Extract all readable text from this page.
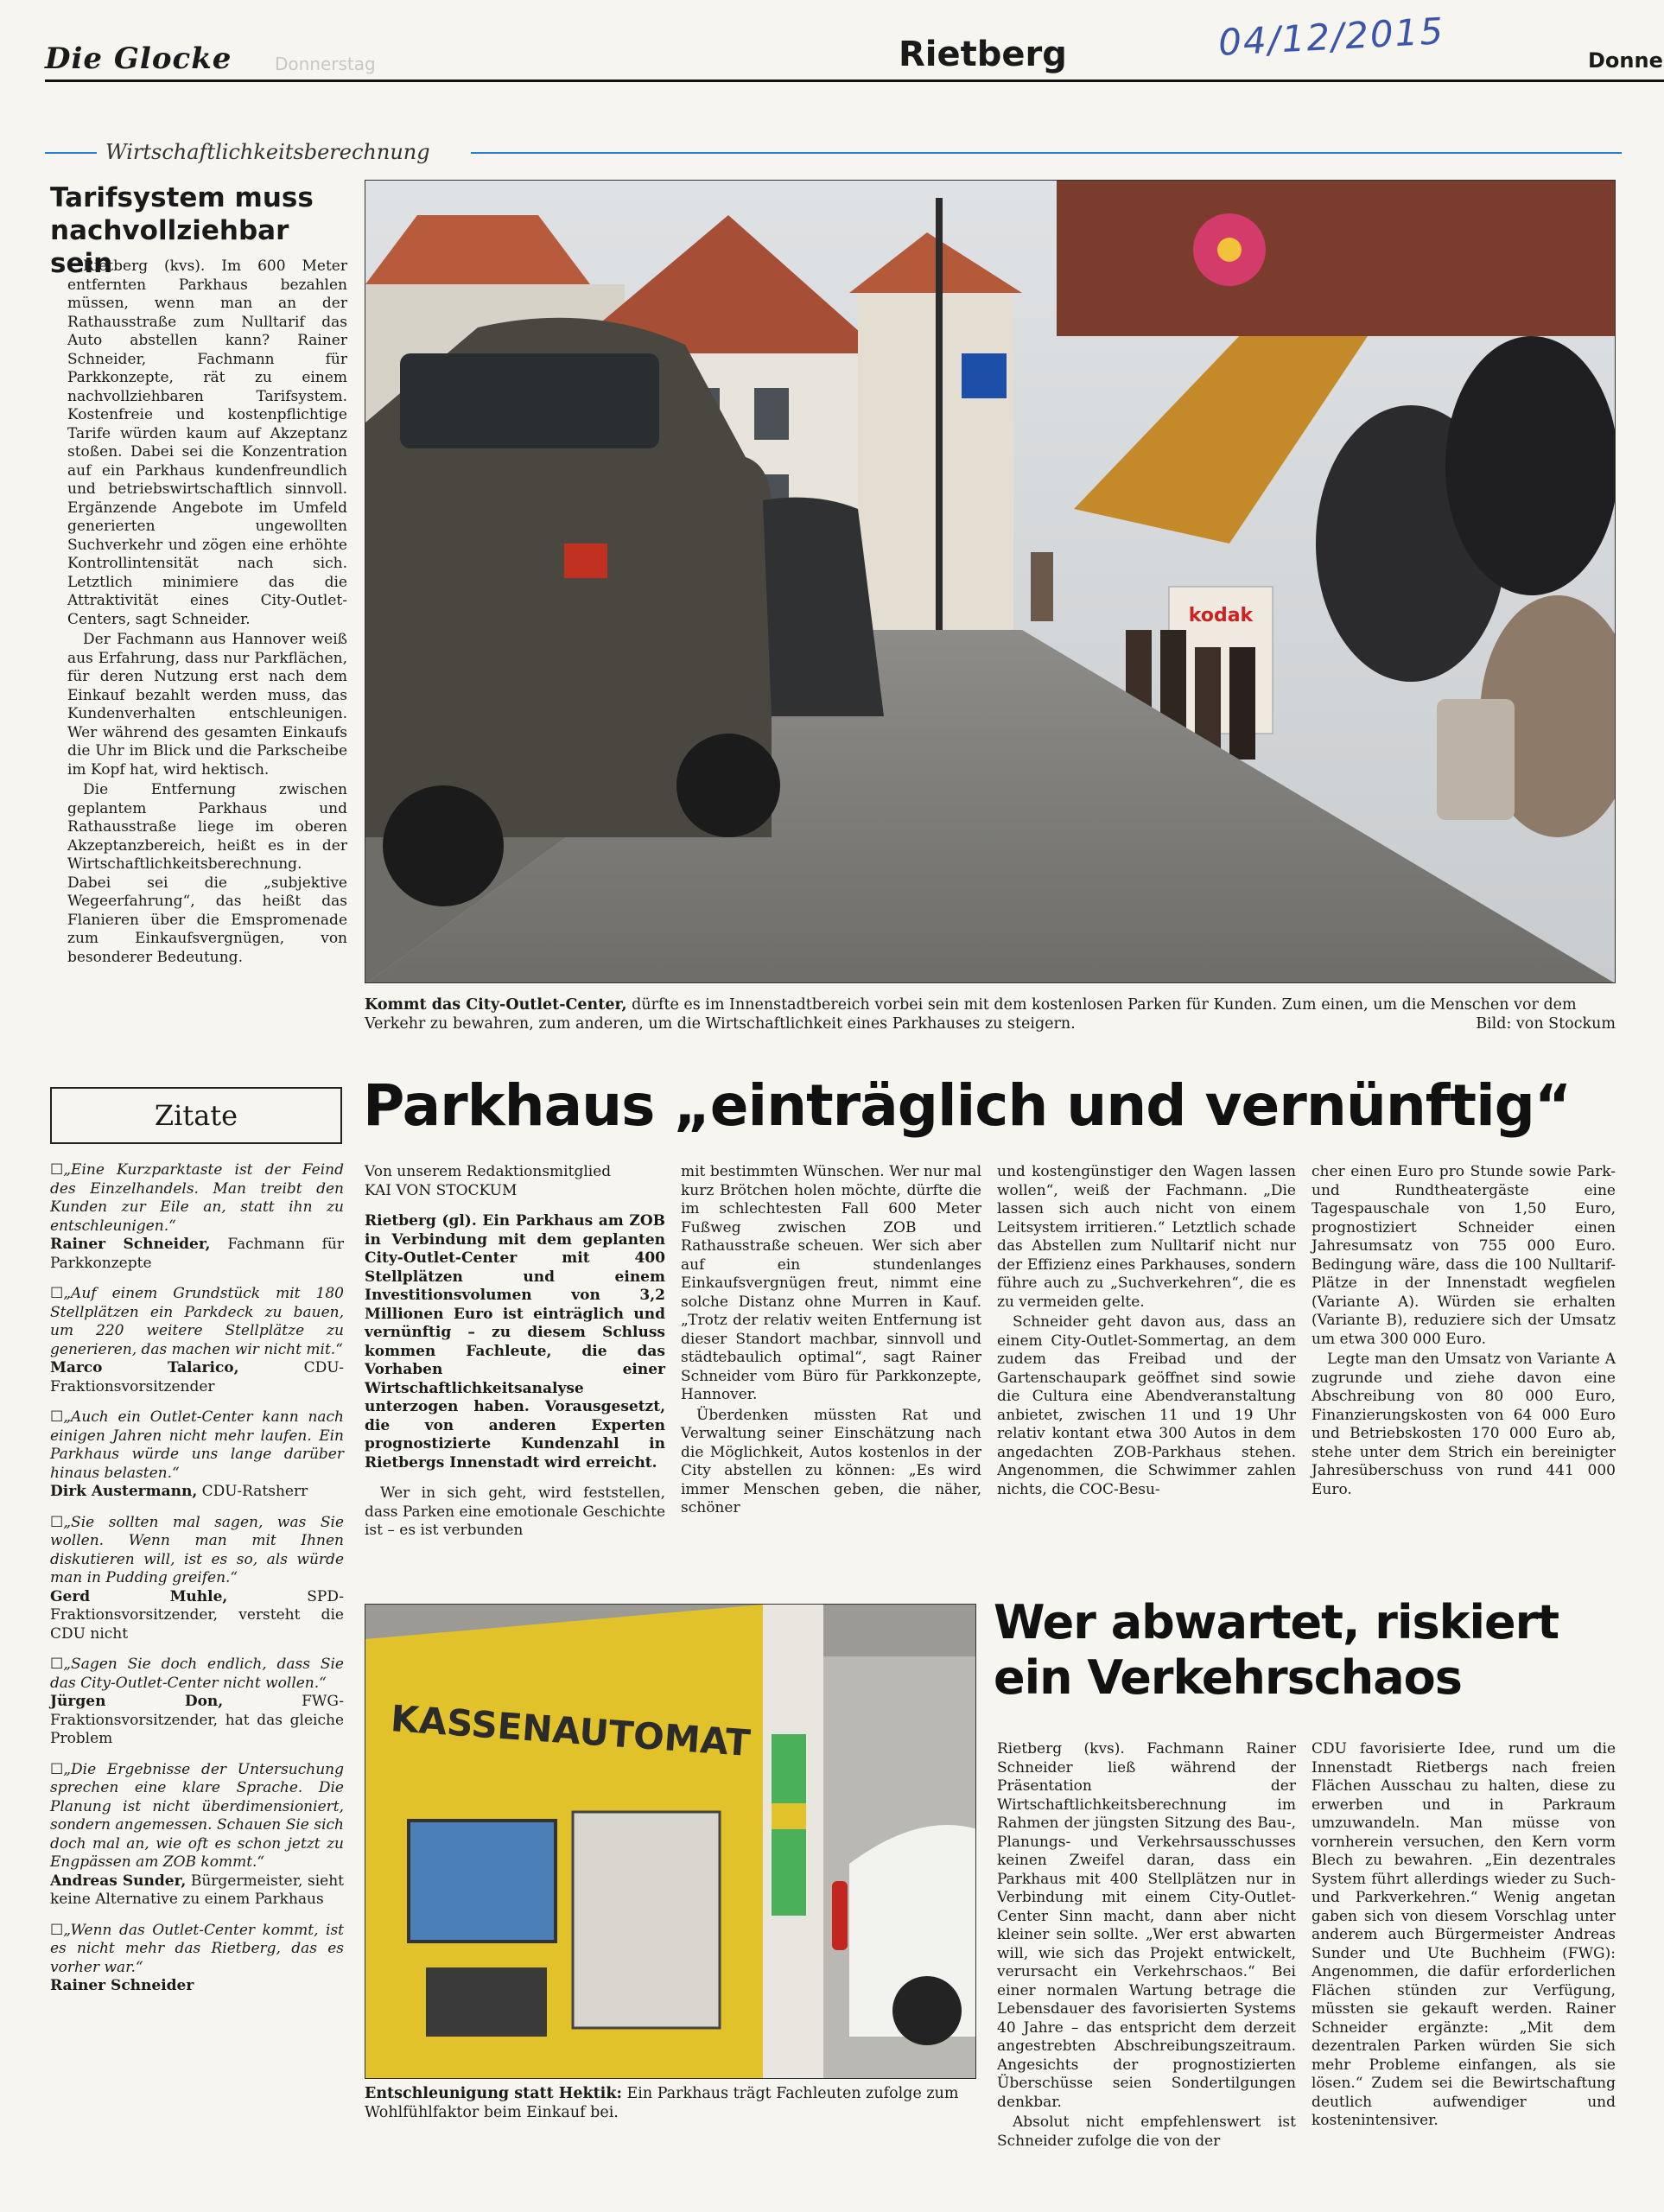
Die Glocke Donnerstag	Rietberg	04/12/2015	Donne
Wirtschaftlichkeitsberechnung
Tarifsystem muss nachvollziehbar sein

Rietberg (kvs). Im 600 Meter entfernten Parkhaus bezahlen müssen, wenn man an der Rathausstraße zum Nulltarif das Auto abstellen kann? Rainer Schneider, Fachmann für Parkkonzepte, rät zu einem nachvollziehbaren Tarifsystem. Kostenfreie und kostenpflichtige Tarife würden kaum auf Akzeptanz stoßen. Dabei sei die Konzentration auf ein Parkhaus kundenfreundlich und betriebswirtschaftlich sinnvoll. Ergänzende Angebote im Umfeld generierten ungewollten Suchverkehr und zögen eine erhöhte Kontrollintensität nach sich. Letztlich minimiere das die Attraktivität eines City-Outlet-Centers, sagt Schneider.

Der Fachmann aus Hannover weiß aus Erfahrung, dass nur Parkflächen, für deren Nutzung erst nach dem Einkauf bezahlt werden muss, das Kundenverhalten entschleunigen. Wer während des gesamten Einkaufs die Uhr im Blick und die Parkscheibe im Kopf hat, wird hektisch.

Die Entfernung zwischen geplantem Parkhaus und Rathausstraße liege im oberen Akzeptanzbereich, heißt es in der Wirtschaftlichkeitsberechnung. Dabei sei die „subjektive Wegeerfahrung“, das heißt das Flanieren über die Emspromenade zum Einkaufsvergnügen, von besonderer Bedeutung.

kodak
Kommt das City-Outlet-Center, dürfte es im Innenstadtbereich vorbei sein mit dem kostenlosen Parken für Kunden. Zum einen, um die Menschen vor dem Verkehr zu bewahren, zum anderen, um die Wirtschaftlichkeit eines Parkhauses zu steigern.	Bild: von Stockum
Zitate
☐„Eine Kurzparktaste ist der Feind des Einzelhandels. Man treibt den Kunden zur Eile an, statt ihn zu entschleunigen.“
Rainer Schneider, Fachmann für Parkkonzepte
☐„Auf einem Grundstück mit 180 Stellplätzen ein Parkdeck zu bauen, um 220 weitere Stellplätze zu generieren, das machen wir nicht mit.“
Marco Talarico,	CDU-Fraktionsvorsitzender
☐„Auch ein Outlet-Center kann nach einigen Jahren nicht mehr laufen. Ein Parkhaus würde uns lange darüber hinaus belasten.“
Dirk Austermann, CDU-Ratsherr
☐„Sie sollten mal sagen, was Sie wollen. Wenn man mit Ihnen diskutieren will, ist es so, als würde man in Pudding greifen.“
Gerd Muhle,	SPD-Fraktionsvorsitzender, versteht die CDU nicht
☐„Sagen Sie doch endlich, dass Sie das City-Outlet-Center nicht wollen.“
Jürgen Don,	FWG-Fraktionsvorsitzender, hat das gleiche Problem
☐„Die Ergebnisse der Untersuchung sprechen eine klare Sprache. Die Planung ist nicht überdimensioniert, sondern angemessen. Schauen Sie sich doch mal an, wie oft es schon jetzt zu Engpässen am ZOB kommt.“
Andreas Sunder, Bürgermeister, sieht keine Alternative zu einem Parkhaus
☐„Wenn das Outlet-Center kommt, ist es nicht mehr das Rietberg, das es vorher war.“
Rainer Schneider
Parkhaus „einträglich und vernünftig“

Von unserem Redaktionsmitglied
KAI VON STOCKUM

Rietberg (gl). Ein Parkhaus am ZOB in Verbindung mit dem geplanten City-Outlet-Center mit 400 Stellplätzen und einem Investitionsvolumen von 3,2 Millionen Euro ist einträglich und vernünftig – zu diesem Schluss kommen Fachleute, die das Vorhaben einer Wirtschaftlichkeitsanalyse unterzogen haben. Vorausgesetzt, die von anderen Experten prognostizierte Kundenzahl in Rietbergs Innenstadt wird erreicht.

Wer in sich geht, wird feststellen, dass Parken eine emotionale Geschichte ist – es ist verbunden

mit bestimmten Wünschen. Wer nur mal kurz Brötchen holen möchte, dürfte die im schlechtesten Fall 600 Meter Fußweg zwischen ZOB und Rathausstraße scheuen. Wer sich aber auf ein stundenlanges Einkaufsvergnügen freut, nimmt eine solche Distanz ohne Murren in Kauf. „Trotz der relativ weiten Entfernung ist dieser Standort machbar, sinnvoll und städtebaulich optimal“, sagt Rainer Schneider vom Büro für Parkkonzepte, Hannover.

Überdenken müssten Rat und Verwaltung seiner Einschätzung nach die Möglichkeit, Autos kostenlos in der City abstellen zu können: „Es wird immer Menschen geben, die näher, schöner

und kostengünstiger den Wagen lassen wollen“, weiß der Fachmann. „Die lassen sich auch nicht von einem Leitsystem irritieren.“ Letztlich schade das Abstellen zum Nulltarif nicht nur der Effizienz eines Parkhauses, sondern führe auch zu „Suchverkehren“, die es zu vermeiden gelte.

Schneider geht davon aus, dass an einem City-Outlet-Sommertag, an dem zudem das Freibad und der Gartenschaupark geöffnet sind sowie die Cultura eine Abendveranstaltung anbietet, zwischen 11 und 19 Uhr relativ kontant etwa 300 Autos in dem angedachten ZOB-Parkhaus stehen. Angenommen, die Schwimmer zahlen nichts, die COC-Besu-

cher einen Euro pro Stunde sowie Park- und Rundtheatergäste eine Tagespauschale von 1,50 Euro, prognostiziert Schneider einen Jahresumsatz von 755 000 Euro. Bedingung wäre, dass die 100 Nulltarif-Plätze in der Innenstadt wegfielen (Variante A). Würden sie erhalten (Variante B), reduziere sich der Umsatz um etwa 300 000 Euro.

Legte man den Umsatz von Variante A zugrunde und ziehe davon eine Abschreibung von 80 000 Euro, Finanzierungskosten von 64 000 Euro und Betriebskosten 170 000 Euro ab, stehe unter dem Strich ein bereinigter Jahresüberschuss von rund 441 000 Euro.

KASSENAUTOMAT
Entschleunigung statt Hektik: Ein Parkhaus trägt Fachleuten zufolge zum Wohlfühlfaktor beim Einkauf bei.
Wer abwartet, riskiert
ein Verkehrschaos

Rietberg (kvs). Fachmann Rainer Schneider ließ während der Präsentation der Wirtschaftlichkeitsberechnung im Rahmen der jüngsten Sitzung des Bau-, Planungs- und Verkehrsausschusses keinen Zweifel daran, dass ein Parkhaus mit 400 Stellplätzen nur in Verbindung mit einem City-Outlet-Center Sinn macht, dann aber nicht kleiner sein sollte. „Wer erst abwarten will, wie sich das Projekt entwickelt, verursacht ein Verkehrschaos.“ Bei einer normalen Wartung betrage die Lebensdauer des favorisierten Systems 40 Jahre – das entspricht dem derzeit angestrebten Abschreibungszeitraum. Angesichts der prognostizierten Überschüsse seien Sondertilgungen denkbar.

Absolut nicht empfehlenswert ist Schneider zufolge die von der

CDU favorisierte Idee, rund um die Innenstadt Rietbergs nach freien Flächen Ausschau zu halten, diese zu erwerben und in Parkraum umzuwandeln. Man müsse von vornherein versuchen, den Kern vorm Blech zu bewahren. „Ein dezentrales System führt allerdings wieder zu Such- und Parkverkehren.“ Wenig angetan gaben sich von diesem Vorschlag unter anderem auch Bürgermeister Andreas Sunder und Ute Buchheim (FWG): Angenommen, die dafür erforderlichen Flächen stünden zur Verfügung, müssten sie gekauft werden. Rainer Schneider ergänzte: „Mit dem dezentralen Parken würden Sie sich mehr Probleme einfangen, als sie lösen.“ Zudem sei die Bewirtschaftung deutlich aufwendiger und kostenintensiver.
